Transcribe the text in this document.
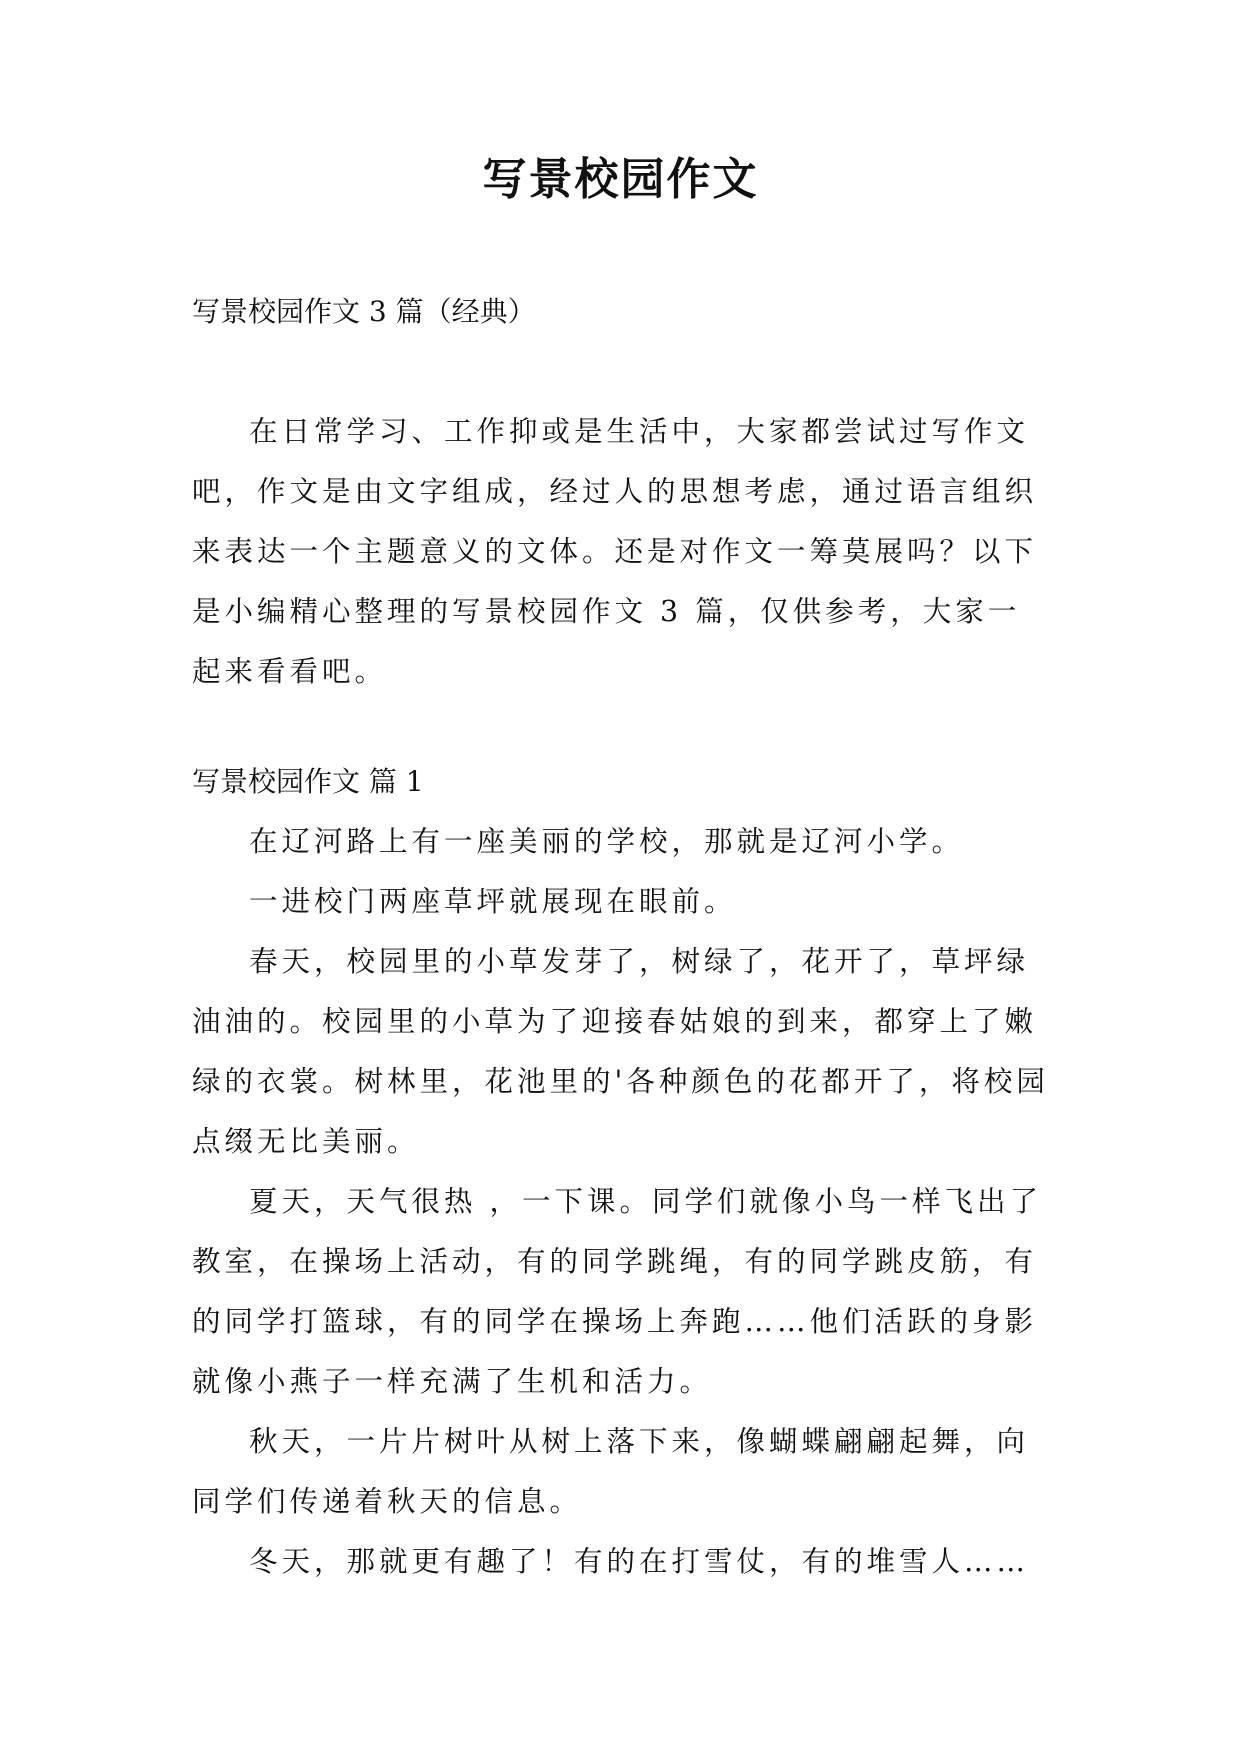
写景校园作文
写景校园作文 3 篇（经典）

在日常学习、工作抑或是生活中，大家都尝试过写作文吧，作文是由文字组成，经过人的思想考虑，通过语言组织来表达一个主题意义的文体。还是对作文一筹莫展吗？以下是小编精心整理的写景校园作文 3 篇，仅供参考，大家一起来看看吧。

写景校园作文 篇 1

在辽河路上有一座美丽的学校，那就是辽河小学。

一进校门两座草坪就展现在眼前。

春天，校园里的小草发芽了，树绿了，花开了，草坪绿油油的。校园里的小草为了迎接春姑娘的到来，都穿上了嫩绿的衣裳。树林里，花池里的'各种颜色的花都开了，将校园点缀无比美丽。

夏天，天气很热 ，一下课。同学们就像小鸟一样飞出了教室，在操场上活动，有的同学跳绳，有的同学跳皮筋，有的同学打篮球，有的同学在操场上奔跑……他们活跃的身影就像小燕子一样充满了生机和活力。

秋天，一片片树叶从树上落下来，像蝴蝶翩翩起舞，向同学们传递着秋天的信息。

冬天，那就更有趣了！有的在打雪仗，有的堆雪人……
